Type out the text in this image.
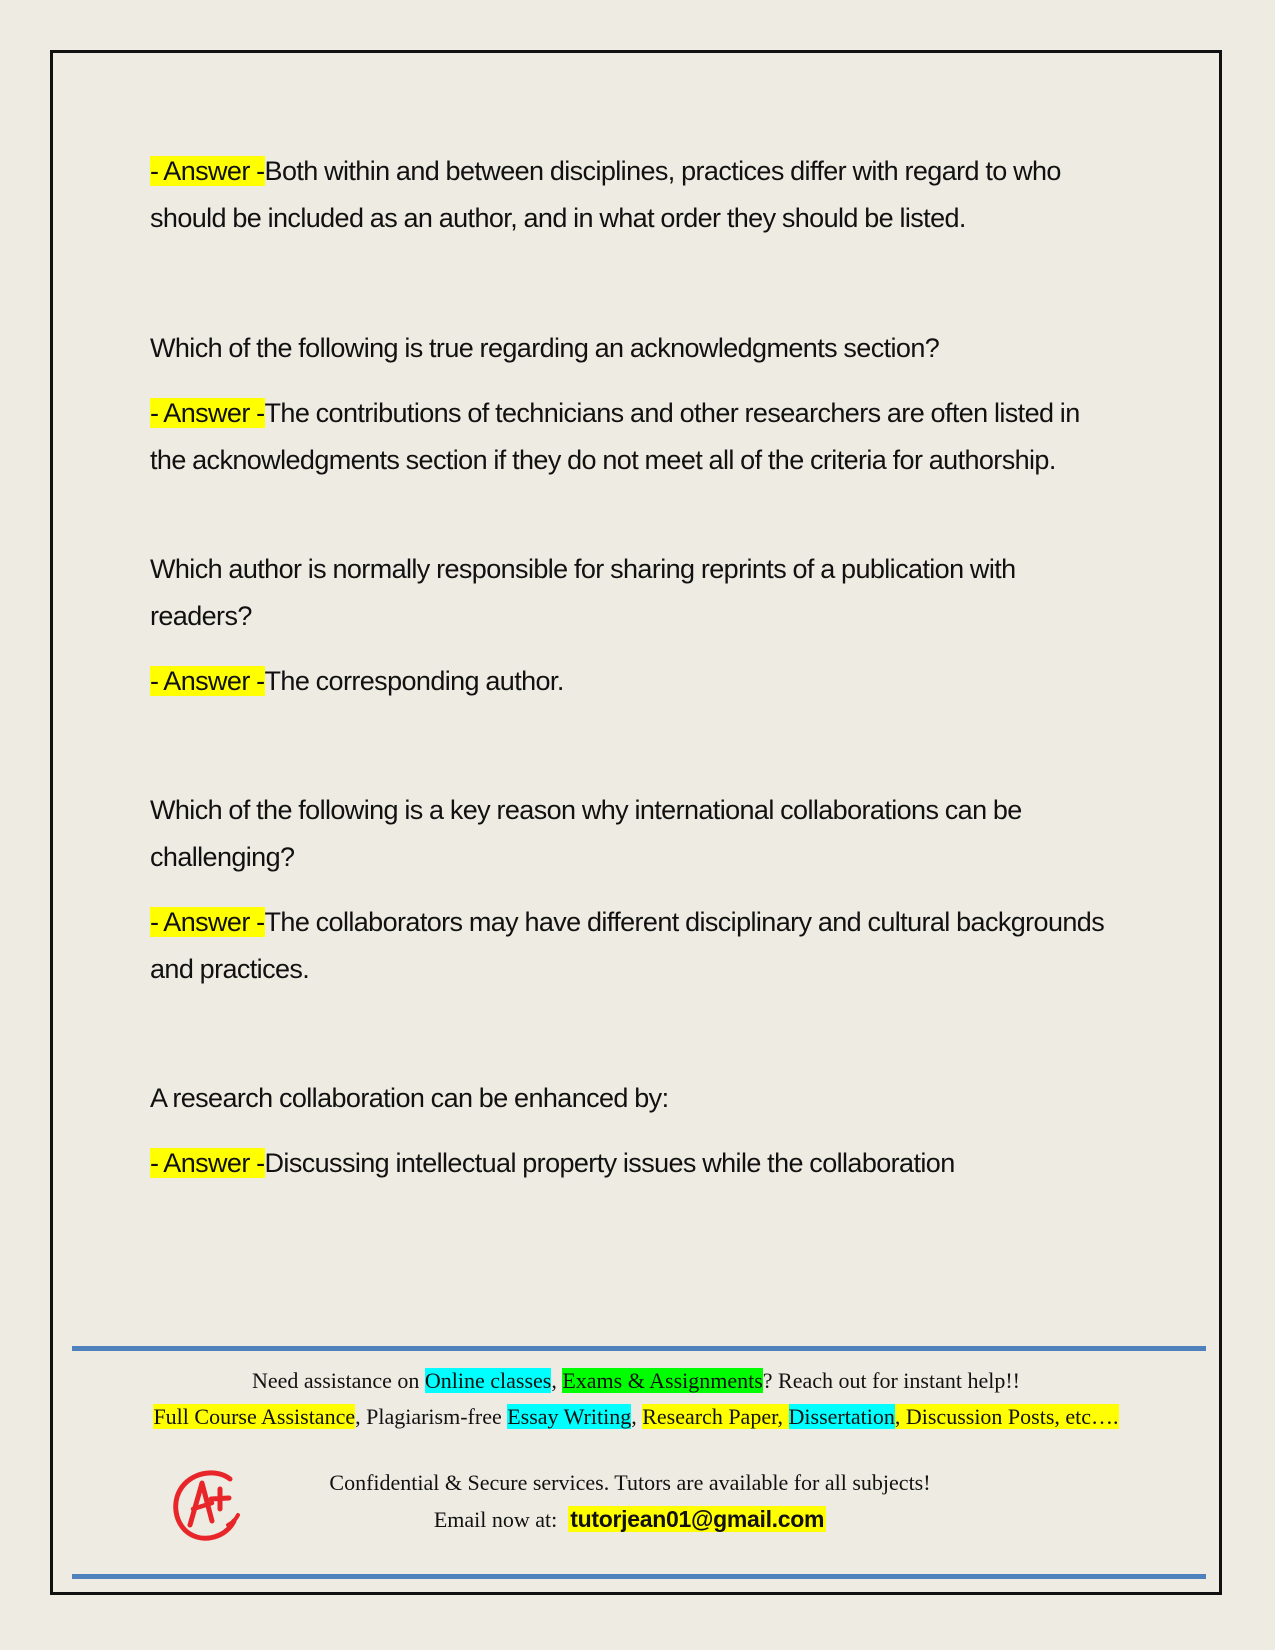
- Answer -Both within and between disciplines, practices differ with regard to who should be included as an author, and in what order they should be listed.

Which of the following is true regarding an acknowledgments section?

- Answer -The contributions of technicians and other researchers are often listed in the acknowledgments section if they do not meet all of the criteria for authorship.

Which author is normally responsible for sharing reprints of a publication with readers?

- Answer -The corresponding author.

Which of the following is a key reason why international collaborations can be challenging?

- Answer -The collaborators may have different disciplinary and cultural backgrounds and practices.

A research collaboration can be enhanced by:

- Answer -Discussing intellectual property issues while the collaboration

Need assistance on Online classes, Exams & Assignments? Reach out for instant help!!
Full Course Assistance, Plagiarism-free Essay Writing, Research Paper, Dissertation, Discussion Posts, etc….
Confidential & Secure services. Tutors are available for all subjects!
Email now at:  tutorjean01@gmail.com
